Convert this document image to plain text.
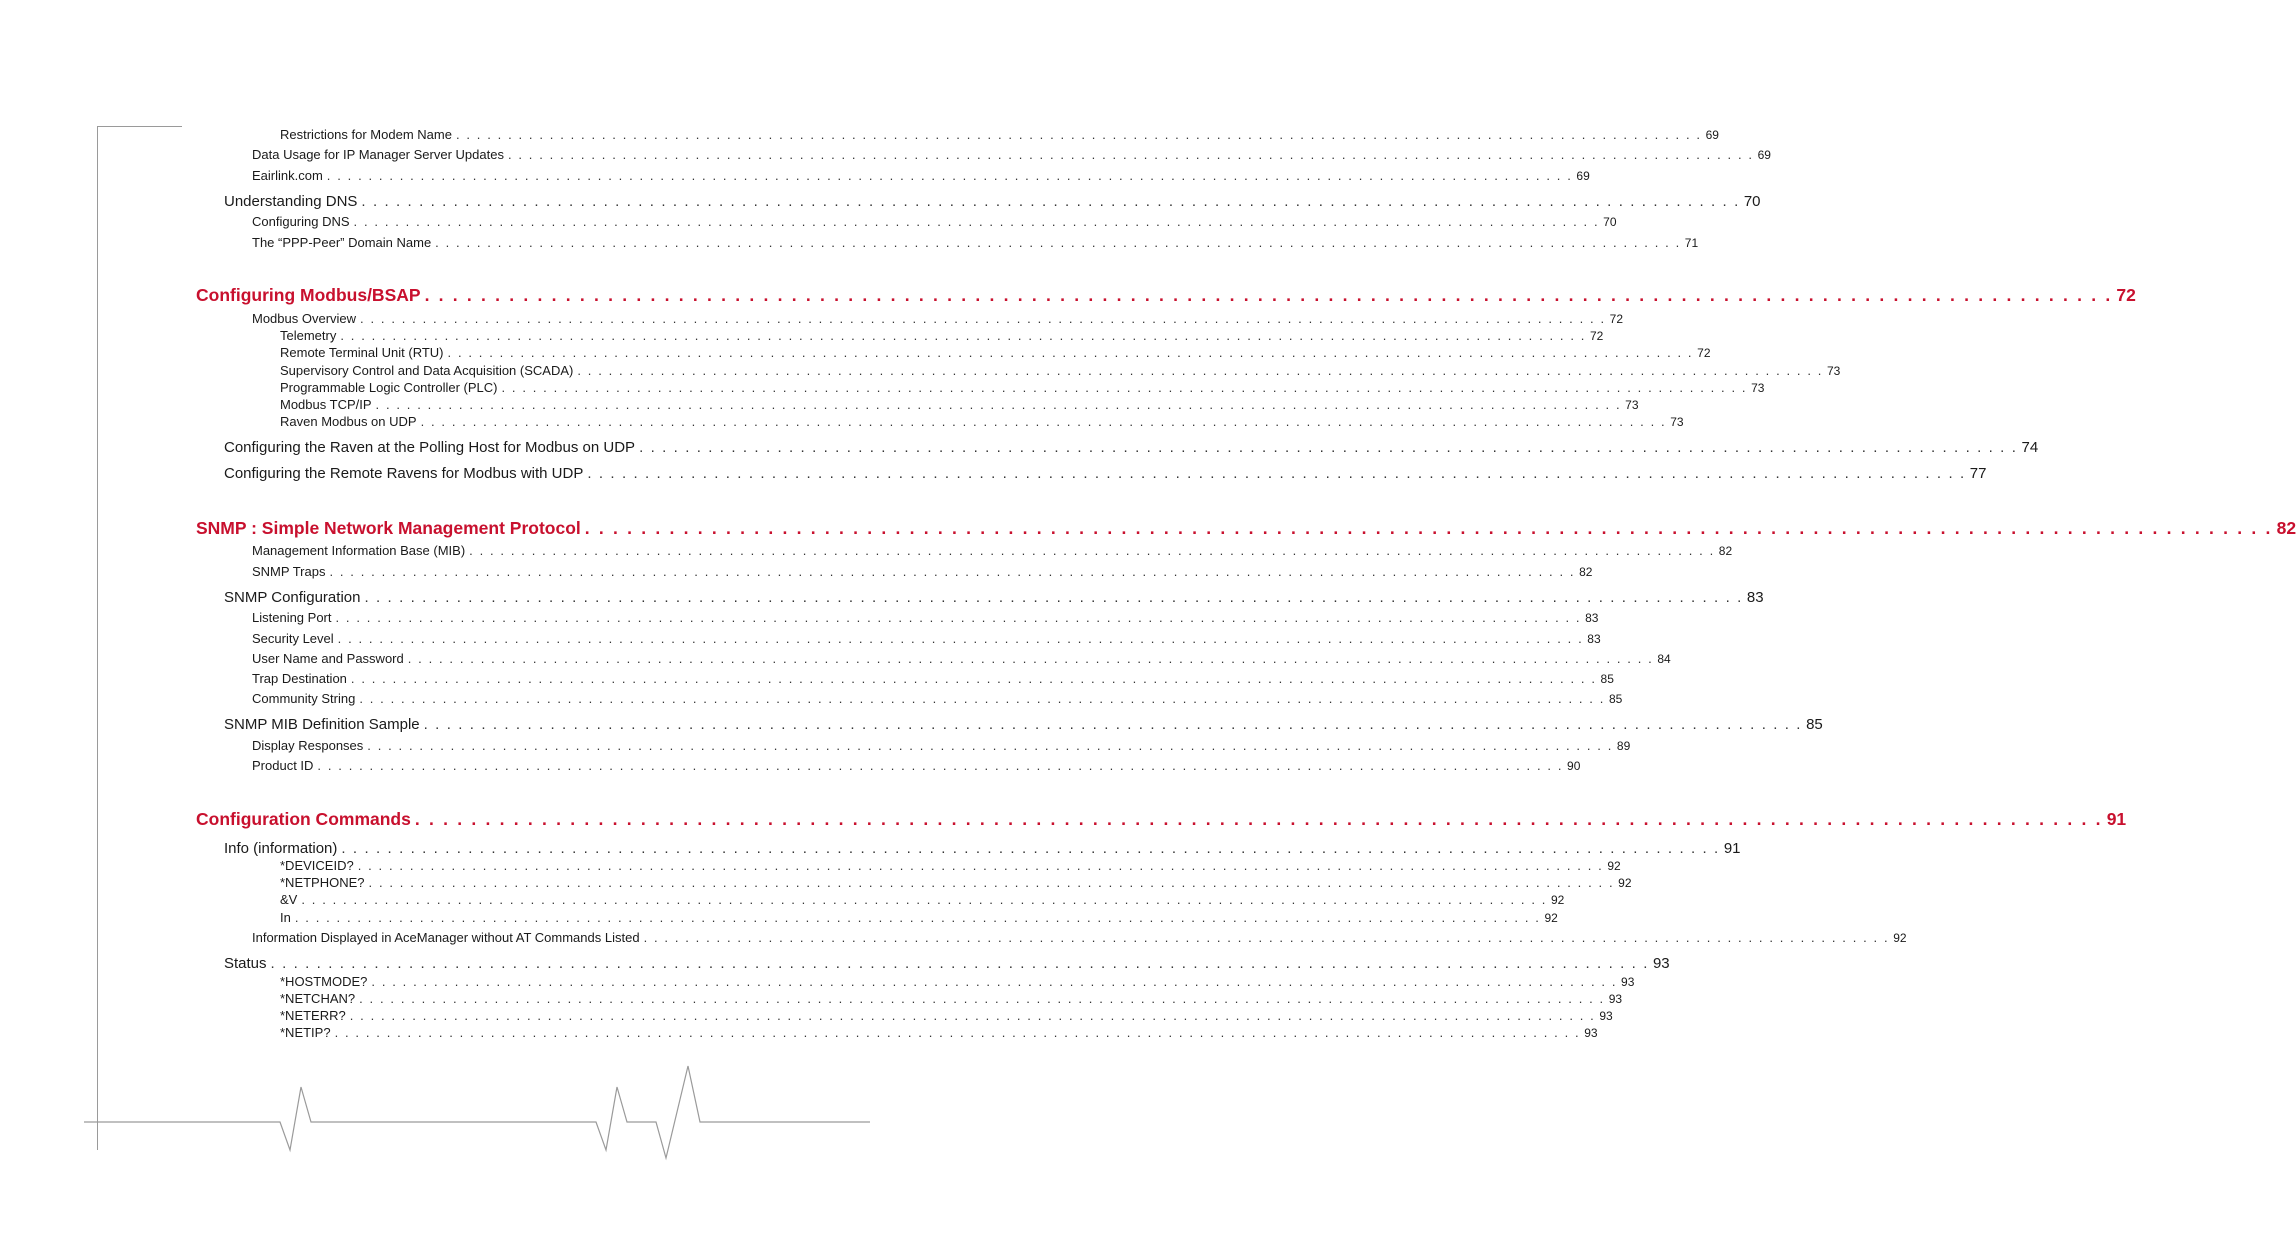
Restrictions for Modem Name . . . . . . . . . . . . . . . . . . . . . . . . . . . . . . . . . . . . . . . . . . . . . . . . . . . . . . . . . . . . . . . . . . . . . . . . . . . . . . . . . . . . . . . . . . . . . . . . . . . . . . . . . . . . . . . . . . . . . . . . 69
Data Usage for IP Manager Server Updates . . . . . . . . . . . . . . . . . . . . . . . . . . . . . . . . . . . . . . . . . . . . . . . . . . . . . . . . . . . . . . . . . . . . . . . . . . . . . . . . . . . . . . . . . . . . . . . . . . . . . . . . . . . . . . . . . . . . . . . . 69
Eairlink.com . . . . . . . . . . . . . . . . . . . . . . . . . . . . . . . . . . . . . . . . . . . . . . . . . . . . . . . . . . . . . . . . . . . . . . . . . . . . . . . . . . . . . . . . . . . . . . . . . . . . . . . . . . . . . . . . . . . . . . . . 69
Understanding DNS . . . . . . . . . . . . . . . . . . . . . . . . . . . . . . . . . . . . . . . . . . . . . . . . . . . . . . . . . . . . . . . . . . . . . . . . . . . . . . . . . . . . . . . . . . . . . . . . . . . . . . . . . . . . . . . . . . . . . . . . 70
Configuring DNS . . . . . . . . . . . . . . . . . . . . . . . . . . . . . . . . . . . . . . . . . . . . . . . . . . . . . . . . . . . . . . . . . . . . . . . . . . . . . . . . . . . . . . . . . . . . . . . . . . . . . . . . . . . . . . . . . . . . . . . . 70
The “PPP-Peer” Domain Name . . . . . . . . . . . . . . . . . . . . . . . . . . . . . . . . . . . . . . . . . . . . . . . . . . . . . . . . . . . . . . . . . . . . . . . . . . . . . . . . . . . . . . . . . . . . . . . . . . . . . . . . . . . . . . . . . . . . . . . . 71
Configuring Modbus/BSAP . . . . . . . . . . . . . . . . . . . . . . . . . . . . . . . . . . . . . . . . . . . . . . . . . . . . . . . . . . . . . . . . . . . . . . . . . . . . . . . . . . . . . . . . . . . . . . . . . . . . . . . . . . . . . . . . . . . . . . . . 72
Modbus Overview . . . . . . . . . . . . . . . . . . . . . . . . . . . . . . . . . . . . . . . . . . . . . . . . . . . . . . . . . . . . . . . . . . . . . . . . . . . . . . . . . . . . . . . . . . . . . . . . . . . . . . . . . . . . . . . . . . . . . . . . 72
Telemetry . . . . . . . . . . . . . . . . . . . . . . . . . . . . . . . . . . . . . . . . . . . . . . . . . . . . . . . . . . . . . . . . . . . . . . . . . . . . . . . . . . . . . . . . . . . . . . . . . . . . . . . . . . . . . . . . . . . . . . . . 72
Remote Terminal Unit (RTU) . . . . . . . . . . . . . . . . . . . . . . . . . . . . . . . . . . . . . . . . . . . . . . . . . . . . . . . . . . . . . . . . . . . . . . . . . . . . . . . . . . . . . . . . . . . . . . . . . . . . . . . . . . . . . . . . . . . . . . . . 72
Supervisory Control and Data Acquisition (SCADA) . . . . . . . . . . . . . . . . . . . . . . . . . . . . . . . . . . . . . . . . . . . . . . . . . . . . . . . . . . . . . . . . . . . . . . . . . . . . . . . . . . . . . . . . . . . . . . . . . . . . . . . . . . . . . . . . . . . . . . . . 73
Programmable Logic Controller (PLC) . . . . . . . . . . . . . . . . . . . . . . . . . . . . . . . . . . . . . . . . . . . . . . . . . . . . . . . . . . . . . . . . . . . . . . . . . . . . . . . . . . . . . . . . . . . . . . . . . . . . . . . . . . . . . . . . . . . . . . . . 73
Modbus TCP/IP . . . . . . . . . . . . . . . . . . . . . . . . . . . . . . . . . . . . . . . . . . . . . . . . . . . . . . . . . . . . . . . . . . . . . . . . . . . . . . . . . . . . . . . . . . . . . . . . . . . . . . . . . . . . . . . . . . . . . . . . 73
Raven Modbus on UDP . . . . . . . . . . . . . . . . . . . . . . . . . . . . . . . . . . . . . . . . . . . . . . . . . . . . . . . . . . . . . . . . . . . . . . . . . . . . . . . . . . . . . . . . . . . . . . . . . . . . . . . . . . . . . . . . . . . . . . . . 73
Configuring the Raven at the Polling Host for Modbus on UDP . . . . . . . . . . . . . . . . . . . . . . . . . . . . . . . . . . . . . . . . . . . . . . . . . . . . . . . . . . . . . . . . . . . . . . . . . . . . . . . . . . . . . . . . . . . . . . . . . . . . . . . . . . . . . . . . . . . . . . . . 74
Configuring the Remote Ravens for Modbus with UDP . . . . . . . . . . . . . . . . . . . . . . . . . . . . . . . . . . . . . . . . . . . . . . . . . . . . . . . . . . . . . . . . . . . . . . . . . . . . . . . . . . . . . . . . . . . . . . . . . . . . . . . . . . . . . . . . . . . . . . . . 77
SNMP : Simple Network Management Protocol . . . . . . . . . . . . . . . . . . . . . . . . . . . . . . . . . . . . . . . . . . . . . . . . . . . . . . . . . . . . . . . . . . . . . . . . . . . . . . . . . . . . . . . . . . . . . . . . . . . . . . . . . . . . . . . . . . . . . . . . 82
Management Information Base (MIB) . . . . . . . . . . . . . . . . . . . . . . . . . . . . . . . . . . . . . . . . . . . . . . . . . . . . . . . . . . . . . . . . . . . . . . . . . . . . . . . . . . . . . . . . . . . . . . . . . . . . . . . . . . . . . . . . . . . . . . . . 82
SNMP Traps . . . . . . . . . . . . . . . . . . . . . . . . . . . . . . . . . . . . . . . . . . . . . . . . . . . . . . . . . . . . . . . . . . . . . . . . . . . . . . . . . . . . . . . . . . . . . . . . . . . . . . . . . . . . . . . . . . . . . . . . 82
SNMP Configuration . . . . . . . . . . . . . . . . . . . . . . . . . . . . . . . . . . . . . . . . . . . . . . . . . . . . . . . . . . . . . . . . . . . . . . . . . . . . . . . . . . . . . . . . . . . . . . . . . . . . . . . . . . . . . . . . . . . . . . . . 83
Listening Port . . . . . . . . . . . . . . . . . . . . . . . . . . . . . . . . . . . . . . . . . . . . . . . . . . . . . . . . . . . . . . . . . . . . . . . . . . . . . . . . . . . . . . . . . . . . . . . . . . . . . . . . . . . . . . . . . . . . . . . . 83
Security Level . . . . . . . . . . . . . . . . . . . . . . . . . . . . . . . . . . . . . . . . . . . . . . . . . . . . . . . . . . . . . . . . . . . . . . . . . . . . . . . . . . . . . . . . . . . . . . . . . . . . . . . . . . . . . . . . . . . . . . . . 83
User Name and Password . . . . . . . . . . . . . . . . . . . . . . . . . . . . . . . . . . . . . . . . . . . . . . . . . . . . . . . . . . . . . . . . . . . . . . . . . . . . . . . . . . . . . . . . . . . . . . . . . . . . . . . . . . . . . . . . . . . . . . . . 84
Trap Destination . . . . . . . . . . . . . . . . . . . . . . . . . . . . . . . . . . . . . . . . . . . . . . . . . . . . . . . . . . . . . . . . . . . . . . . . . . . . . . . . . . . . . . . . . . . . . . . . . . . . . . . . . . . . . . . . . . . . . . . . 85
Community String . . . . . . . . . . . . . . . . . . . . . . . . . . . . . . . . . . . . . . . . . . . . . . . . . . . . . . . . . . . . . . . . . . . . . . . . . . . . . . . . . . . . . . . . . . . . . . . . . . . . . . . . . . . . . . . . . . . . . . . . 85
SNMP MIB Definition Sample . . . . . . . . . . . . . . . . . . . . . . . . . . . . . . . . . . . . . . . . . . . . . . . . . . . . . . . . . . . . . . . . . . . . . . . . . . . . . . . . . . . . . . . . . . . . . . . . . . . . . . . . . . . . . . . . . . . . . . . . 85
Display Responses . . . . . . . . . . . . . . . . . . . . . . . . . . . . . . . . . . . . . . . . . . . . . . . . . . . . . . . . . . . . . . . . . . . . . . . . . . . . . . . . . . . . . . . . . . . . . . . . . . . . . . . . . . . . . . . . . . . . . . . . 89
Product ID . . . . . . . . . . . . . . . . . . . . . . . . . . . . . . . . . . . . . . . . . . . . . . . . . . . . . . . . . . . . . . . . . . . . . . . . . . . . . . . . . . . . . . . . . . . . . . . . . . . . . . . . . . . . . . . . . . . . . . . . 90
Configuration Commands . . . . . . . . . . . . . . . . . . . . . . . . . . . . . . . . . . . . . . . . . . . . . . . . . . . . . . . . . . . . . . . . . . . . . . . . . . . . . . . . . . . . . . . . . . . . . . . . . . . . . . . . . . . . . . . . . . . . . . . . 91
Info (information) . . . . . . . . . . . . . . . . . . . . . . . . . . . . . . . . . . . . . . . . . . . . . . . . . . . . . . . . . . . . . . . . . . . . . . . . . . . . . . . . . . . . . . . . . . . . . . . . . . . . . . . . . . . . . . . . . . . . . . . . 91
*DEVICEID? . . . . . . . . . . . . . . . . . . . . . . . . . . . . . . . . . . . . . . . . . . . . . . . . . . . . . . . . . . . . . . . . . . . . . . . . . . . . . . . . . . . . . . . . . . . . . . . . . . . . . . . . . . . . . . . . . . . . . . . . 92
*NETPHONE? . . . . . . . . . . . . . . . . . . . . . . . . . . . . . . . . . . . . . . . . . . . . . . . . . . . . . . . . . . . . . . . . . . . . . . . . . . . . . . . . . . . . . . . . . . . . . . . . . . . . . . . . . . . . . . . . . . . . . . . . 92
&V . . . . . . . . . . . . . . . . . . . . . . . . . . . . . . . . . . . . . . . . . . . . . . . . . . . . . . . . . . . . . . . . . . . . . . . . . . . . . . . . . . . . . . . . . . . . . . . . . . . . . . . . . . . . . . . . . . . . . . . . 92
In . . . . . . . . . . . . . . . . . . . . . . . . . . . . . . . . . . . . . . . . . . . . . . . . . . . . . . . . . . . . . . . . . . . . . . . . . . . . . . . . . . . . . . . . . . . . . . . . . . . . . . . . . . . . . . . . . . . . . . . . 92
Information Displayed in AceManager without AT Commands Listed . . . . . . . . . . . . . . . . . . . . . . . . . . . . . . . . . . . . . . . . . . . . . . . . . . . . . . . . . . . . . . . . . . . . . . . . . . . . . . . . . . . . . . . . . . . . . . . . . . . . . . . . . . . . . . . . . . . . . . . . 92
Status . . . . . . . . . . . . . . . . . . . . . . . . . . . . . . . . . . . . . . . . . . . . . . . . . . . . . . . . . . . . . . . . . . . . . . . . . . . . . . . . . . . . . . . . . . . . . . . . . . . . . . . . . . . . . . . . . . . . . . . . 93
*HOSTMODE? . . . . . . . . . . . . . . . . . . . . . . . . . . . . . . . . . . . . . . . . . . . . . . . . . . . . . . . . . . . . . . . . . . . . . . . . . . . . . . . . . . . . . . . . . . . . . . . . . . . . . . . . . . . . . . . . . . . . . . . . 93
*NETCHAN? . . . . . . . . . . . . . . . . . . . . . . . . . . . . . . . . . . . . . . . . . . . . . . . . . . . . . . . . . . . . . . . . . . . . . . . . . . . . . . . . . . . . . . . . . . . . . . . . . . . . . . . . . . . . . . . . . . . . . . . . 93
*NETERR? . . . . . . . . . . . . . . . . . . . . . . . . . . . . . . . . . . . . . . . . . . . . . . . . . . . . . . . . . . . . . . . . . . . . . . . . . . . . . . . . . . . . . . . . . . . . . . . . . . . . . . . . . . . . . . . . . . . . . . . . 93
*NETIP? . . . . . . . . . . . . . . . . . . . . . . . . . . . . . . . . . . . . . . . . . . . . . . . . . . . . . . . . . . . . . . . . . . . . . . . . . . . . . . . . . . . . . . . . . . . . . . . . . . . . . . . . . . . . . . . . . . . . . . . . 93
